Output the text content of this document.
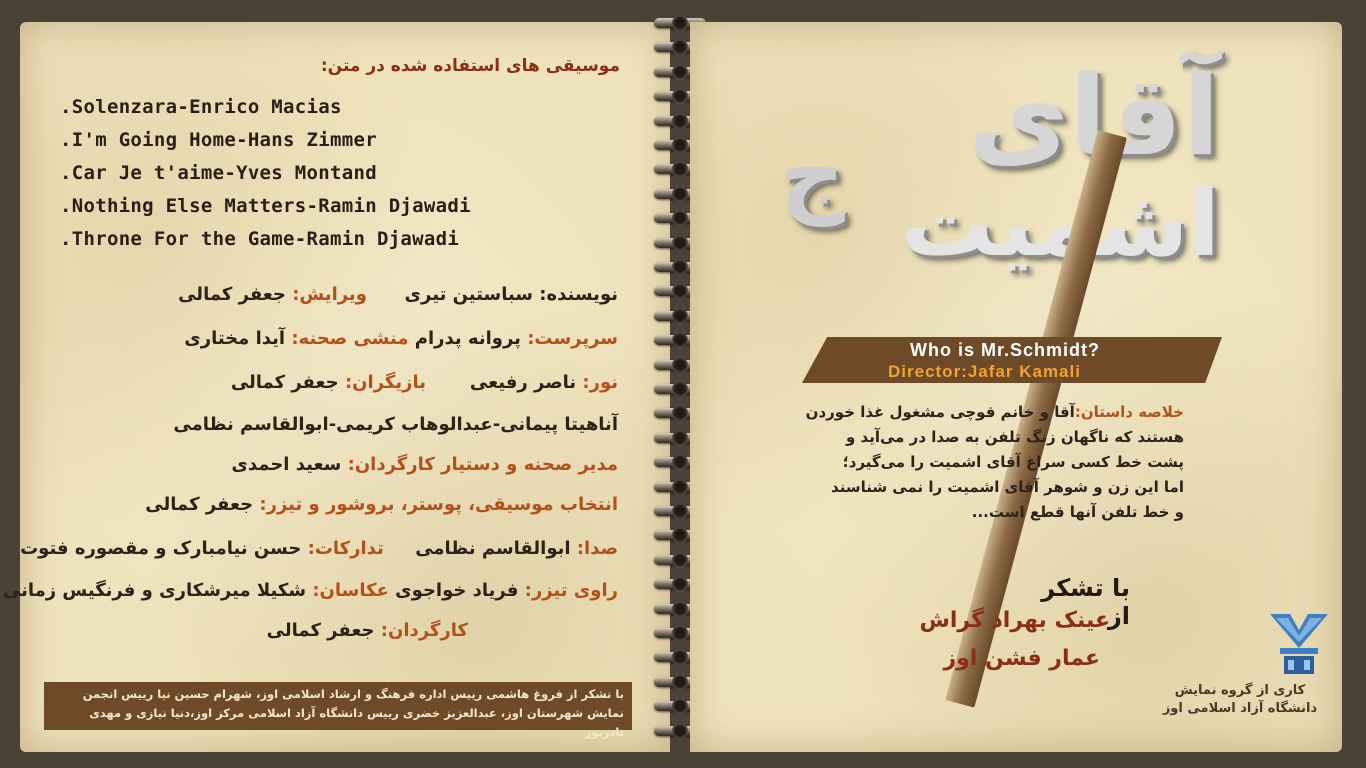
موسیقی های استفاده شده در متن:
.Solenzara-Enrico Macias
.I'm Going Home-Hans Zimmer
.Car Je t'aime-Yves Montand
.Nothing Else Matters-Ramin Djawadi
.Throne For the Game-Ramin Djawadi
نویسنده: سباستین تیری      ویرایش: جعفر کمالی
سرپرست: پروانه پدرام منشی صحنه: آیدا مختاری
نور: ناصر رفیعی       بازیگران: جعفر کمالی
آناهیتا پیمانی-عبدالوهاب کریمی-ابوالقاسم نظامی
مدیر صحنه و دستیار کارگردان: سعید احمدی
انتخاب موسیقی، پوستر، بروشور و تیزر: جعفر کمالی
صدا: ابوالقاسم نظامی     تدارکات: حسن نیامبارک و مقصوره فتوت
راوی تیزر: فریاد خواجوی عکاسان: شکیلا میرشکاری و فرنگیس زمانی
کارگردان: جعفر کمالی
با تشکر از فروغ هاشمی رییس اداره فرهنگ و ارشاد اسلامی اوز، شهرام حسین نیا رییس انجمن
نمایش شهرستان اوز، عبدالعزیز خضری رییس دانشگاه آزاد اسلامی مرکز اوز،دنیا نیازی و مهدی نادرپور
آقای
اشمیت
ج
Who is Mr.Schmidt?
Director:Jafar Kamali
خلاصه داستان:آقا و خانم قوچی مشغول غذا خوردن
هستند که ناگهان زنگ تلفن به صدا در می‌آید و
پشت خط کسی سراغ آقای اشمیت را می‌گیرد؛
اما این زن و شوهر آقای اشمیت را نمی شناسند
و خط تلفن آنها قطع است...
با تشکر از
عینک بهراد گراش
عمار فشن اوز
کاری از گروه نمایش
دانشگاه آزاد اسلامی اوز
